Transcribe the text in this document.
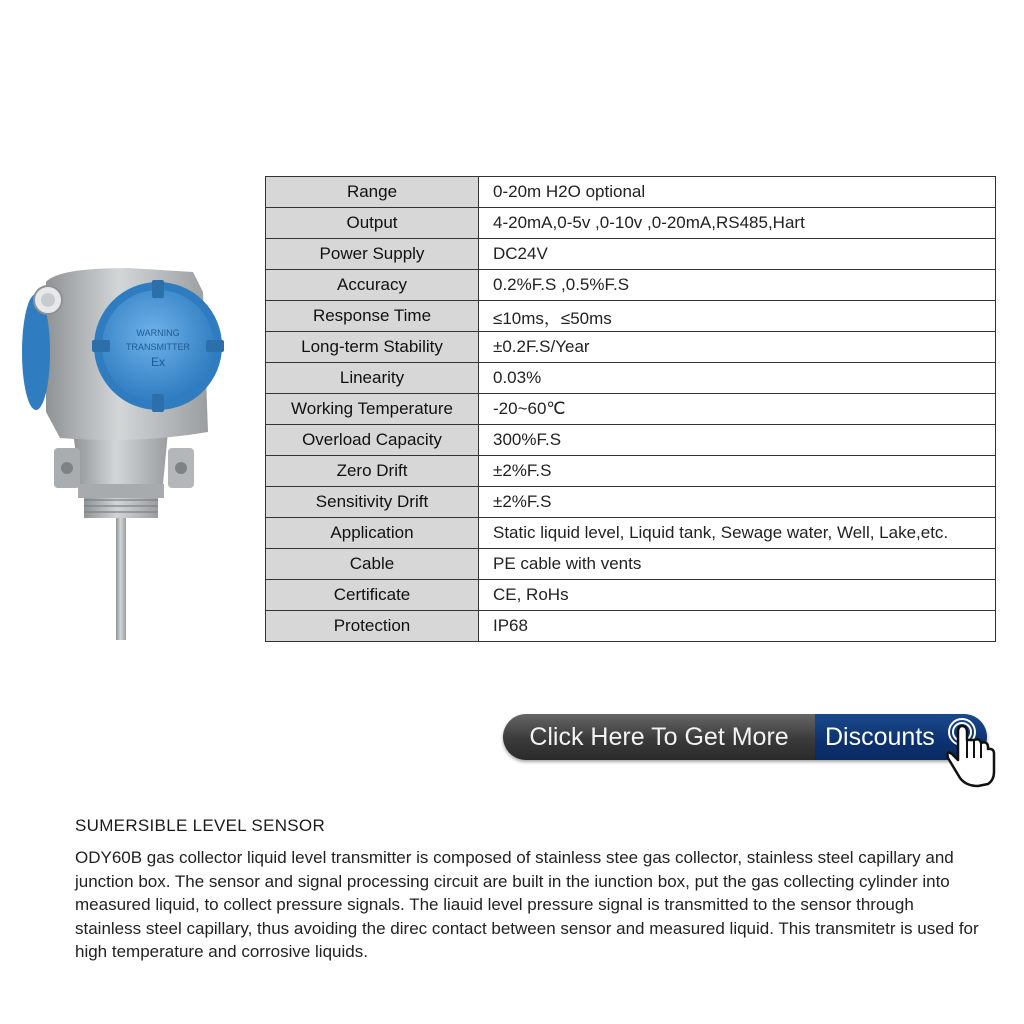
WARNING
TRANSMITTER
Ex
Range	0-20m H2O optional
Output	4-20mA,0-5v ,0-10v ,0-20mA,RS485,Hart
Power Supply	DC24V
Accuracy	0.2%F.S ,0.5%F.S
Response Time	≤10ms，≤50ms
Long-term Stability	±0.2F.S/Year
Linearity	0.03%
Working Temperature	-20~60℃
Overload Capacity	300%F.S
Zero Drift	±2%F.S
Sensitivity Drift	±2%F.S
Application	Static liquid level, Liquid tank, Sewage water, Well, Lake,etc.
Cable	PE cable with vents
Certificate	CE, RoHs
Protection	IP68
Click Here To Get More	Discounts
SUMERSIBLE LEVEL SENSOR
ODY60B gas collector liquid level transmitter is composed of stainless stee gas collector, stainless steel capillary and junction box. The sensor and signal processing circuit are built in the iunction box, put the gas collecting cylinder into measured liquid, to collect pressure signals. The liauid level pressure signal is transmitted to the sensor through stainless steel capillary, thus avoiding the direc contact between sensor and measured liquid. This transmitetr is used for high temperature and corrosive liquids.
